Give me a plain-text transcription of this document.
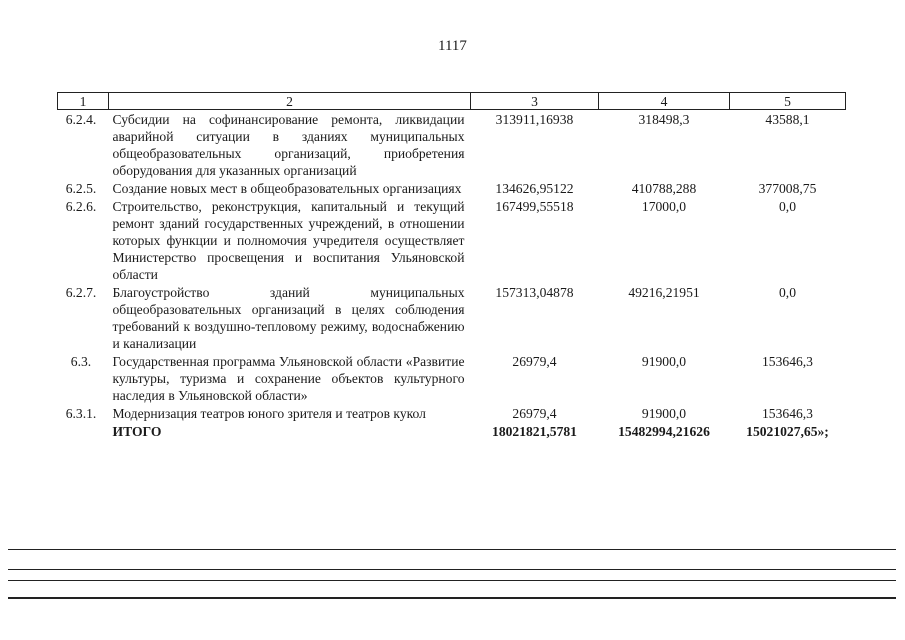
1117
1	2	3	4	5
6.2.4.	Субсидии на софинансирование ремонта, ликвидации аварийной ситуации в зданиях муниципальных общеобразовательных организаций, приобретения оборудования для указанных организаций	313911,16938	318498,3	43588,1
6.2.5.	Создание новых мест в общеобразовательных организациях	134626,95122	410788,288	377008,75
6.2.6.	Строительство, реконструкция, капитальный и текущий ремонт зданий государственных учреждений, в отношении которых функции и полномочия учредителя осуществляет Министерство просвещения и воспитания Ульяновской области	167499,55518	17000,0	0,0
6.2.7.	Благоустройство зданий муниципальных общеобразовательных организаций в целях соблюдения требований к воздушно-тепловому режиму, водоснабжению и канализации	157313,04878	49216,21951	0,0
6.3.	Государственная программа Ульяновской области «Развитие культуры, туризма и сохранение объектов культурного наследия в Ульяновской области»	26979,4	91900,0	153646,3
6.3.1.	Модернизация театров юного зрителя и театров кукол	26979,4	91900,0	153646,3
	ИТОГО	18021821,5781	15482994,21626	15021027,65»;
